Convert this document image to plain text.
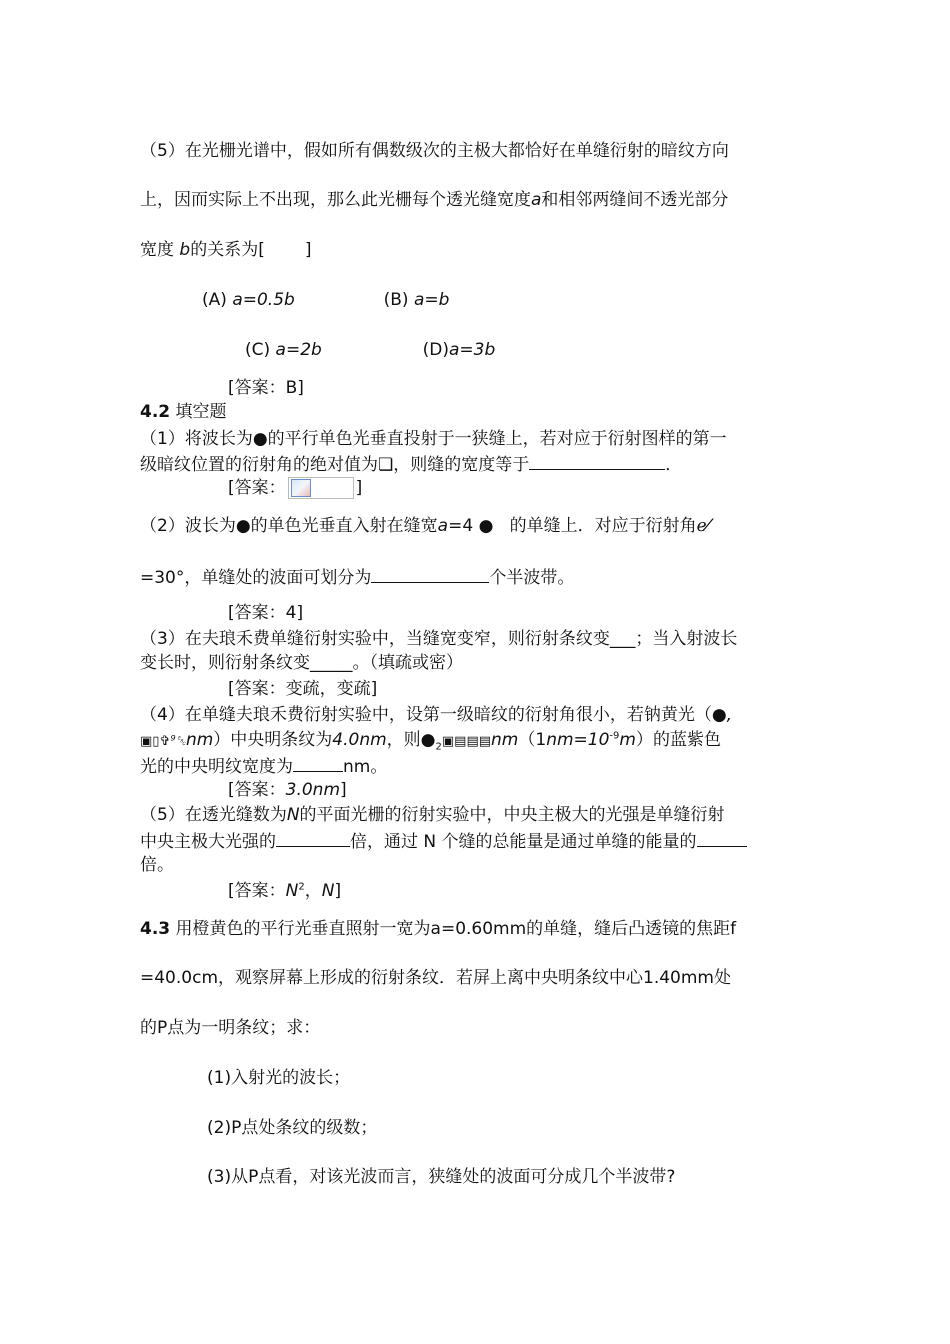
（5）在光栅光谱中，假如所有偶数级次的主极大都恰好在单缝衍射的暗纹方向
上，因而实际上不出现，那么此光栅每个透光缝宽度a和相邻两缝间不透光部分
宽度 b的关系为[ ]
(A) a=0.5b	(B) a=b
(C) a=2b	(D)a=3b
[答案：B]
4.2 填空题
（1）将波长为●的平行单色光垂直投射于一狭缝上，若对应于衍射图样的第一
级暗纹位置的衍射角的绝对值为❏，则缝的宽度等于	．
[答案：	]
（2）波长为●的单色光垂直入射在缝宽a=4 ● 的单缝上．对应于衍射角ℯ⁄
=30°，单缝处的波面可划分为	个半波带。
[答案：4]
（3）在夫琅禾费单缝衍射实验中，当缝宽变窄，则衍射条纹变___；当入射波长
变长时，则衍射条纹变_____。（填疏或密）
[答案：变疏，变疏]
（4）在单缝夫琅禾费衍射实验中，设第一级暗纹的衍射角很小，若钠黄光（●,
▣▯✞⁹␛nm）中央明条纹为4.0nm，则$●_2▣▤▤▤nm(1nm=10^{-9}m)$的蓝紫色
光的中央明纹宽度为	nm。
[答案：3.0nm]
（5）在透光缝数为N的平面光栅的衍射实验中，中央主极大的光强是单缝衍射
中央主极大光强的	倍，通过 N 个缝的总能量是通过单缝的能量的
倍。
[答案：$N^2$，N]
4.3 用橙黄色的平行光垂直照射一宽为a=0.60mm的单缝，缝后凸透镜的焦距f
=40.0cm，观察屏幕上形成的衍射条纹．若屏上离中央明条纹中心1.40mm处
的P点为一明条纹；求：
(1)入射光的波长；
(2)P点处条纹的级数；
(3)从P点看，对该光波而言，狭缝处的波面可分成几个半波带?
